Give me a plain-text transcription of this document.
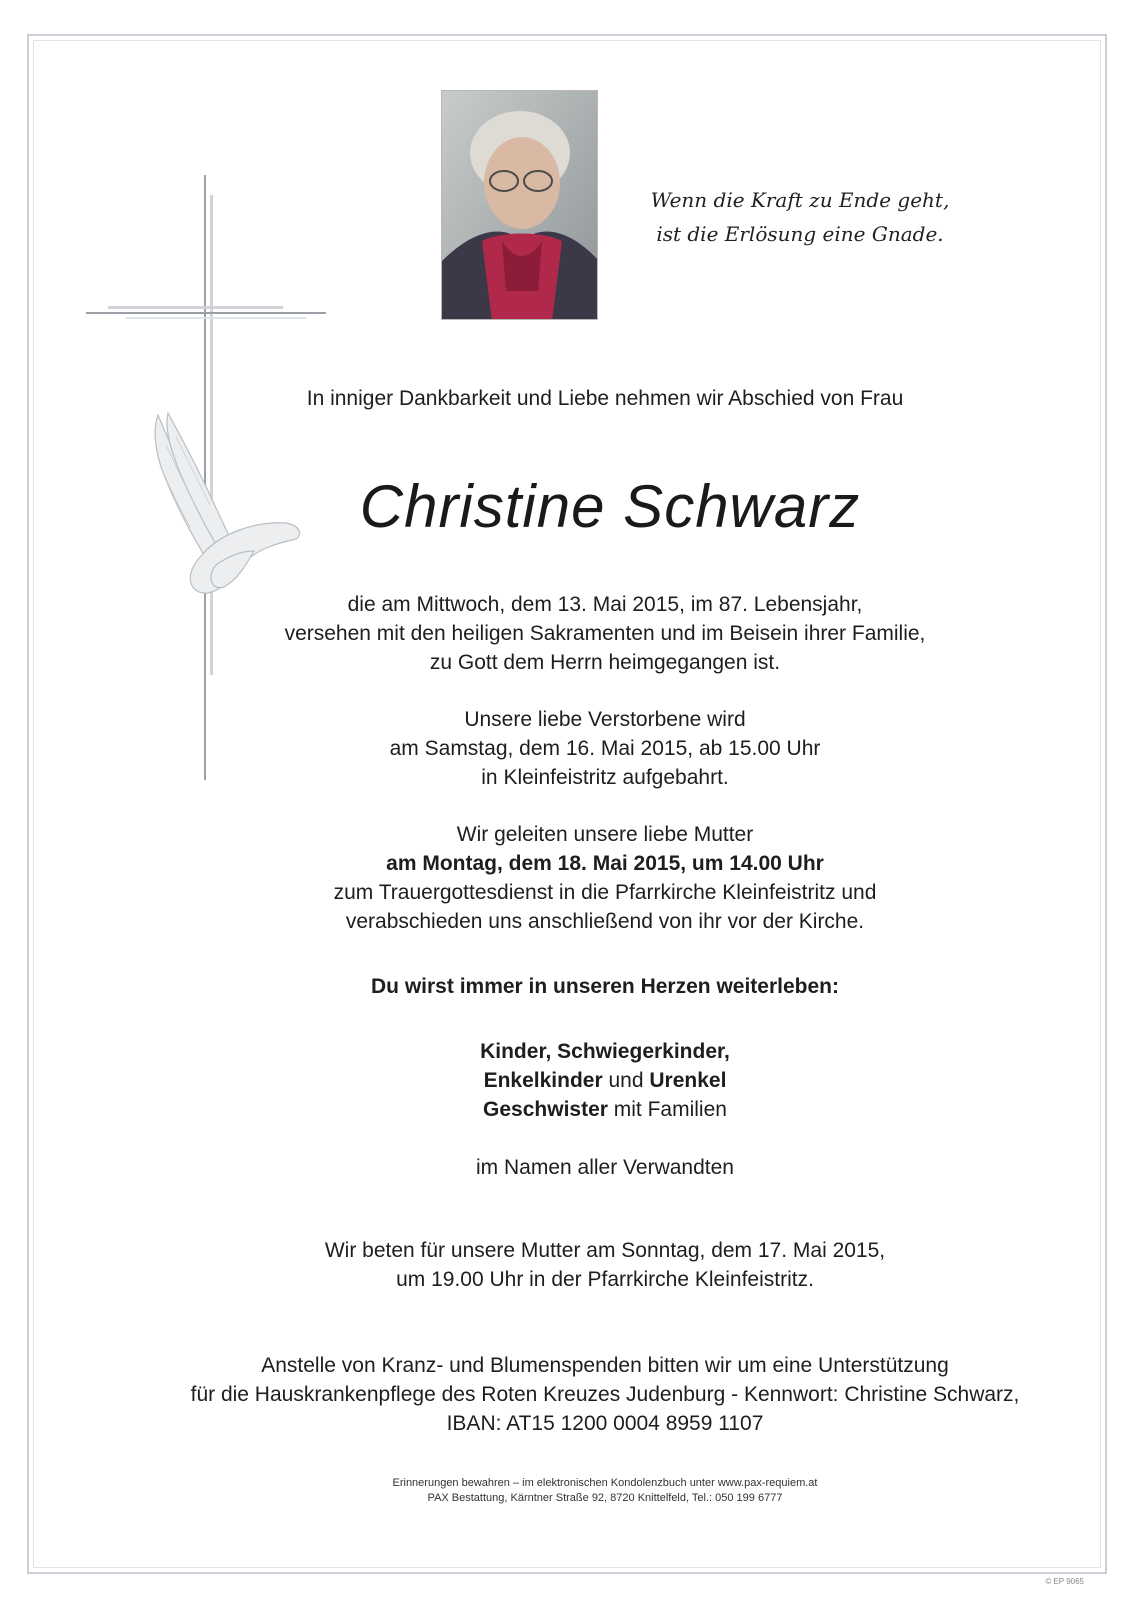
Wenn die Kraft zu Ende geht,
ist die Erlösung eine Gnade.
In inniger Dankbarkeit und Liebe nehmen wir Abschied von Frau
Christine Schwarz
die am Mittwoch, dem 13. Mai 2015, im 87. Lebensjahr,
versehen mit den heiligen Sakramenten und im Beisein ihrer Familie,
zu Gott dem Herrn heimgegangen ist.
Unsere liebe Verstorbene wird
am Samstag, dem 16. Mai 2015, ab 15.00 Uhr
in Kleinfeistritz aufgebahrt.
Wir geleiten unsere liebe Mutter
am Montag, dem 18. Mai 2015, um 14.00 Uhr
zum Trauergottesdienst in die Pfarrkirche Kleinfeistritz und
verabschieden uns anschließend von ihr vor der Kirche.
Du wirst immer in unseren Herzen weiterleben:
Kinder, Schwiegerkinder,
Enkelkinder und Urenkel
Geschwister mit Familien
im Namen aller Verwandten
Wir beten für unsere Mutter am Sonntag, dem 17. Mai 2015,
um 19.00 Uhr in der Pfarrkirche Kleinfeistritz.
Anstelle von Kranz- und Blumenspenden bitten wir um eine Unterstützung
für die Hauskrankenpflege des Roten Kreuzes Judenburg - Kennwort: Christine Schwarz,
IBAN: AT15 1200 0004 8959 1107
Erinnerungen bewahren – im elektronischen Kondolenzbuch unter www.pax-requiem.at
PAX Bestattung, Kärntner Straße 92, 8720 Knittelfeld, Tel.: 050 199 6777
© EP 9065
